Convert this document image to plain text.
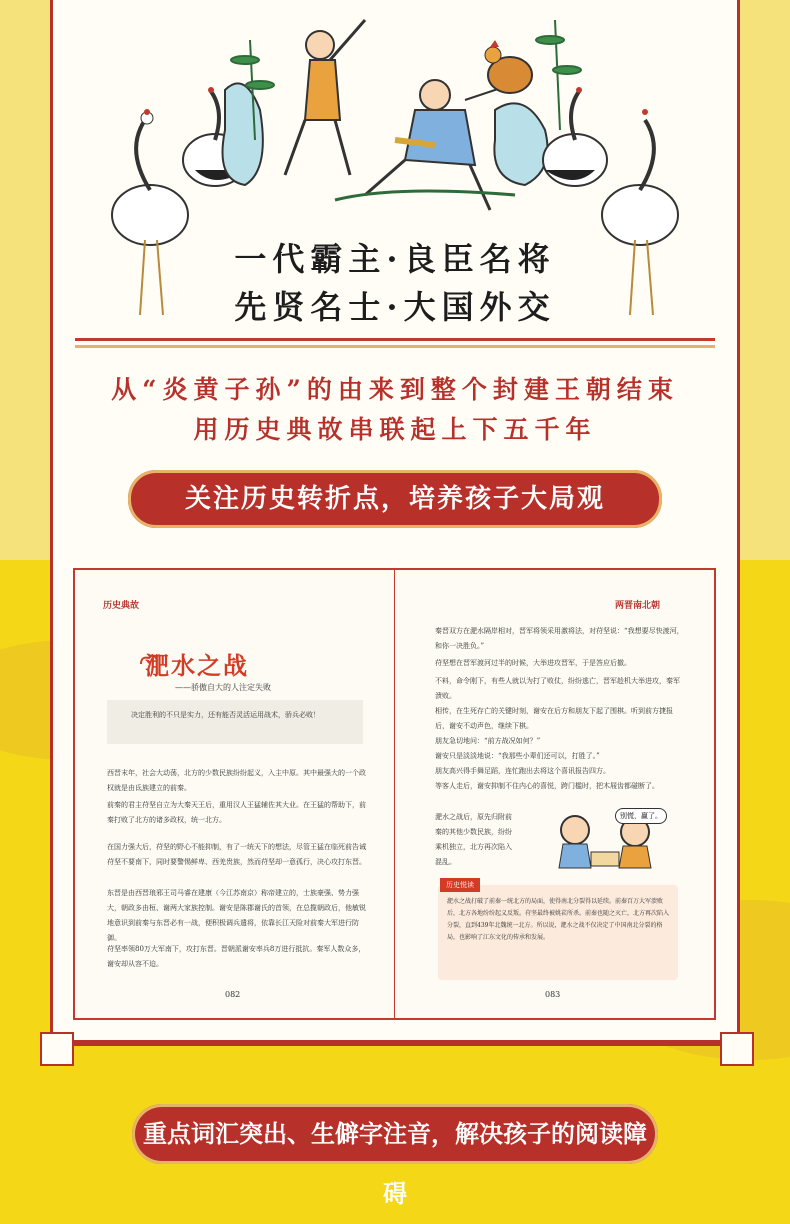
一代霸主·良臣名将
先贤名士·大国外交
从“炎黄子孙”的由来到整个封建王朝结束
用历史典故串联起上下五千年
关注历史转折点，培养孩子大局观
历史典故
淝水之战
——骄傲自大的人注定失败
决定胜利的不只是实力，还有能否灵活运用战术，骄兵必败！
西晋末年，社会大动荡，北方的少数民族纷纷起义，入主中原。其中最强大的一个政权就是由氐族建立的前秦。
前秦的君主苻坚自立为大秦天王后，重用汉人王猛辅佐其大业。在王猛的帮助下，前秦打败了北方的诸多政权，统一北方。
在国力强大后，苻坚的野心不能抑制，有了一统天下的想法，尽管王猛在临死前告诫苻坚不要南下，同时要警惕鲜卑、西羌贵族，然而苻坚却一意孤行，决心攻打东晋。
东晋是由西晋琅邪王司马睿在建康（今江苏南京）称帝建立的，士族豪强、势力强大，朝政多由桓、谢两大家族控制。谢安是陈郡谢氏的首领，在总揽朝政后，他敏锐地意识到前秦与东晋必有一战，便积极调兵遣将，依靠长江天险对前秦大军进行防御。
苻坚率领80万大军南下，攻打东晋。晋朝派谢安率兵8万进行抵抗。秦军人数众多，谢安却从容不迫。
082
两晋南北朝
秦晋双方在淝水隔岸相对，晋军将领采用激将法，对苻坚说：“我想要尽快渡河，和你一决胜负。”
苻坚想在晋军渡河过半的时候，大举进攻晋军，于是答应后撤。
不料，命令刚下，有些人就以为打了败仗，纷纷逃亡，晋军趁机大举进攻，秦军溃败。
相传，在生死存亡的关键时刻，谢安在后方和朋友下起了围棋。听到前方捷报后，谢安不动声色，继续下棋。
朋友急切地问：“前方战况如何？”
谢安只是淡淡地说：“我那些小辈们还可以，打胜了。”
朋友高兴得手舞足蹈，连忙跑出去将这个喜讯报告四方。
等客人走后，谢安抑制不住内心的喜悦，跨门槛时，把木屐齿都碰断了。
淝水之战后，原先归附前秦的其他少数民族，纷纷乘机独立，北方再次陷入混乱。
别慌，赢了。
历史悦读
淝水之战打破了前秦一统北方的局面，使得南北分裂得以延续。前秦百万大军溃败后，北方各地纷纷起义反叛。苻坚最终被姚苌所杀。前秦也随之灭亡，北方再次陷入分裂，直到439年北魏统一北方。所以说，淝水之战不仅决定了中国南北分裂的格局，也影响了江东文化的传承和发展。
083
重点词汇突出、生僻字注音，解决孩子的阅读障碍
